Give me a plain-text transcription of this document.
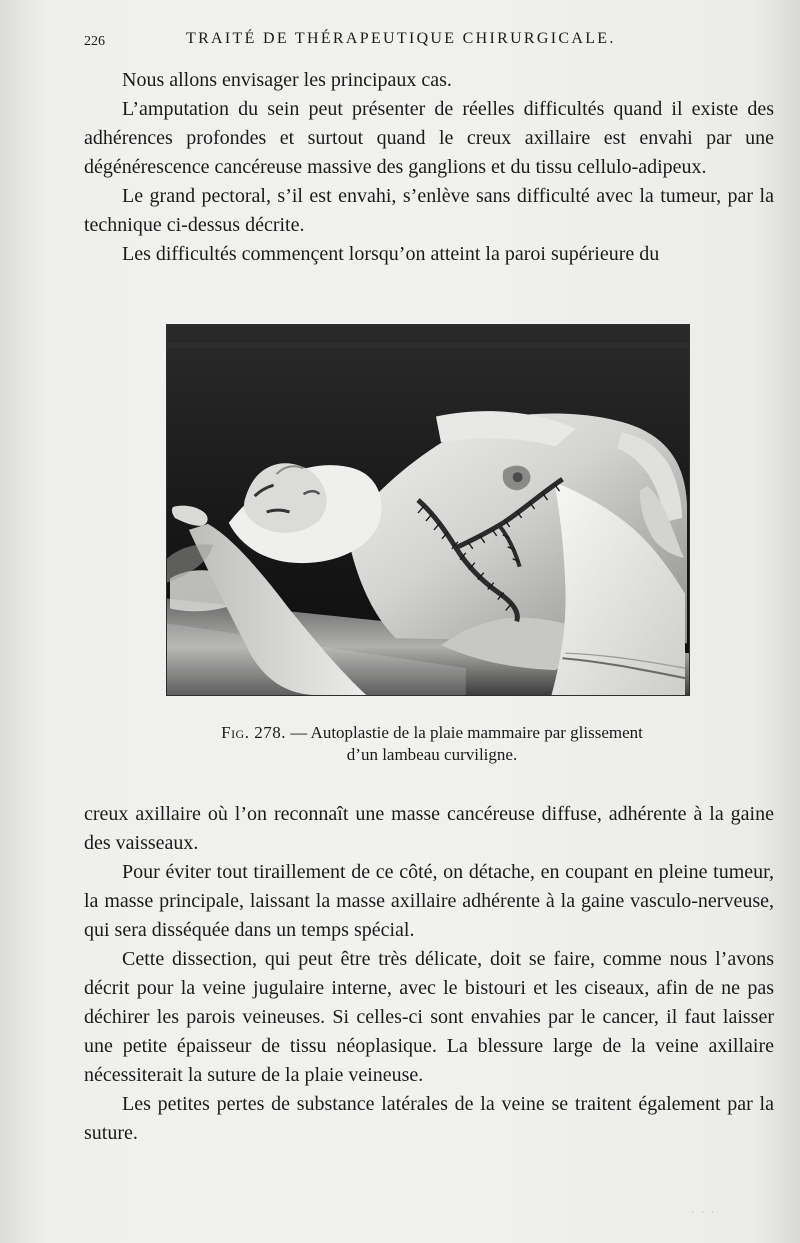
226	TRAITÉ DE THÉRAPEUTIQUE CHIRURGICALE.

Nous allons envisager les principaux cas.

L’amputation du sein peut présenter de réelles difficultés quand il existe des adhérences profondes et surtout quand le creux axillaire est envahi par une dégénérescence cancéreuse massive des ganglions et du tissu cellulo-adipeux.

Le grand pectoral, s’il est envahi, s’enlève sans difficulté avec la tumeur, par la technique ci-dessus décrite.

Les difficultés commençent lorsqu’on atteint la paroi supérieure du

Fig. 278. — Autoplastie de la plaie mammaire par glissement
d’un lambeau curviligne.

creux axillaire où l’on reconnaît une masse cancéreuse diffuse, adhérente à la gaine des vaisseaux.

Pour éviter tout tiraillement de ce côté, on détache, en coupant en pleine tumeur, la masse principale, laissant la masse axillaire adhérente à la gaine vasculo-nerveuse, qui sera disséquée dans un temps spécial.

Cette dissection, qui peut être très délicate, doit se faire, comme nous l’avons décrit pour la veine jugulaire interne, avec le bistouri et les ciseaux, afin de ne pas déchirer les parois veineuses. Si celles-ci sont envahies par le cancer, il faut laisser une petite épaisseur de tissu néoplasique. La blessure large de la veine axillaire nécessiterait la suture de la plaie veineuse.

Les petites pertes de substance latérales de la veine se traitent également par la suture.

· · ·
